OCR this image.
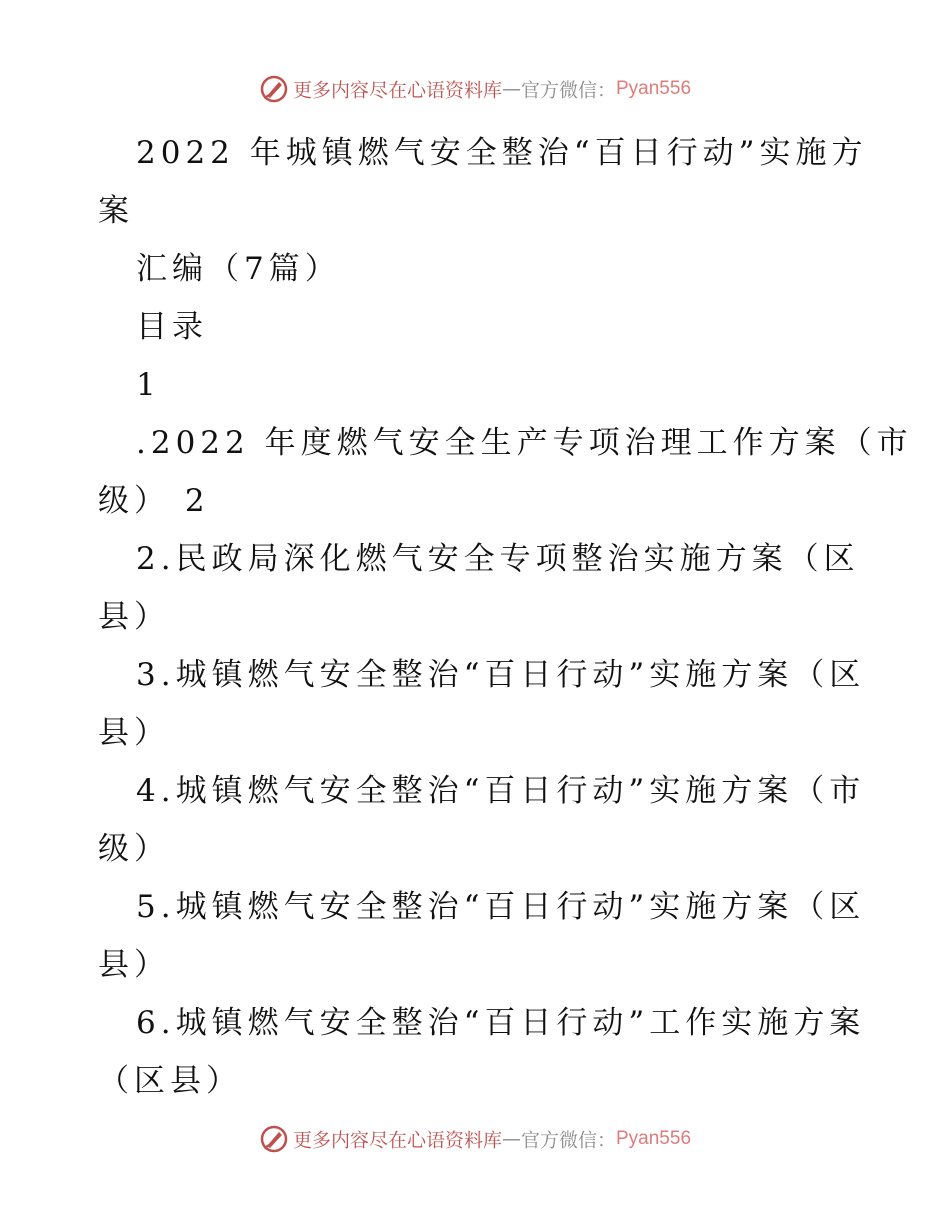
更多内容尽在心语资料库—官方微信：Pyan556
2022 年城镇燃气安全整治“百日行动”实施方
案
汇编（7篇）
目录
1
.2022 年度燃气安全生产专项治理工作方案（市
级） 2
2.民政局深化燃气安全专项整治实施方案（区
县）
3.城镇燃气安全整治“百日行动”实施方案（区
县）
4.城镇燃气安全整治“百日行动”实施方案（市
级）
5.城镇燃气安全整治“百日行动”实施方案（区
县）
6.城镇燃气安全整治“百日行动”工作实施方案
（区县）
更多内容尽在心语资料库—官方微信：Pyan556
